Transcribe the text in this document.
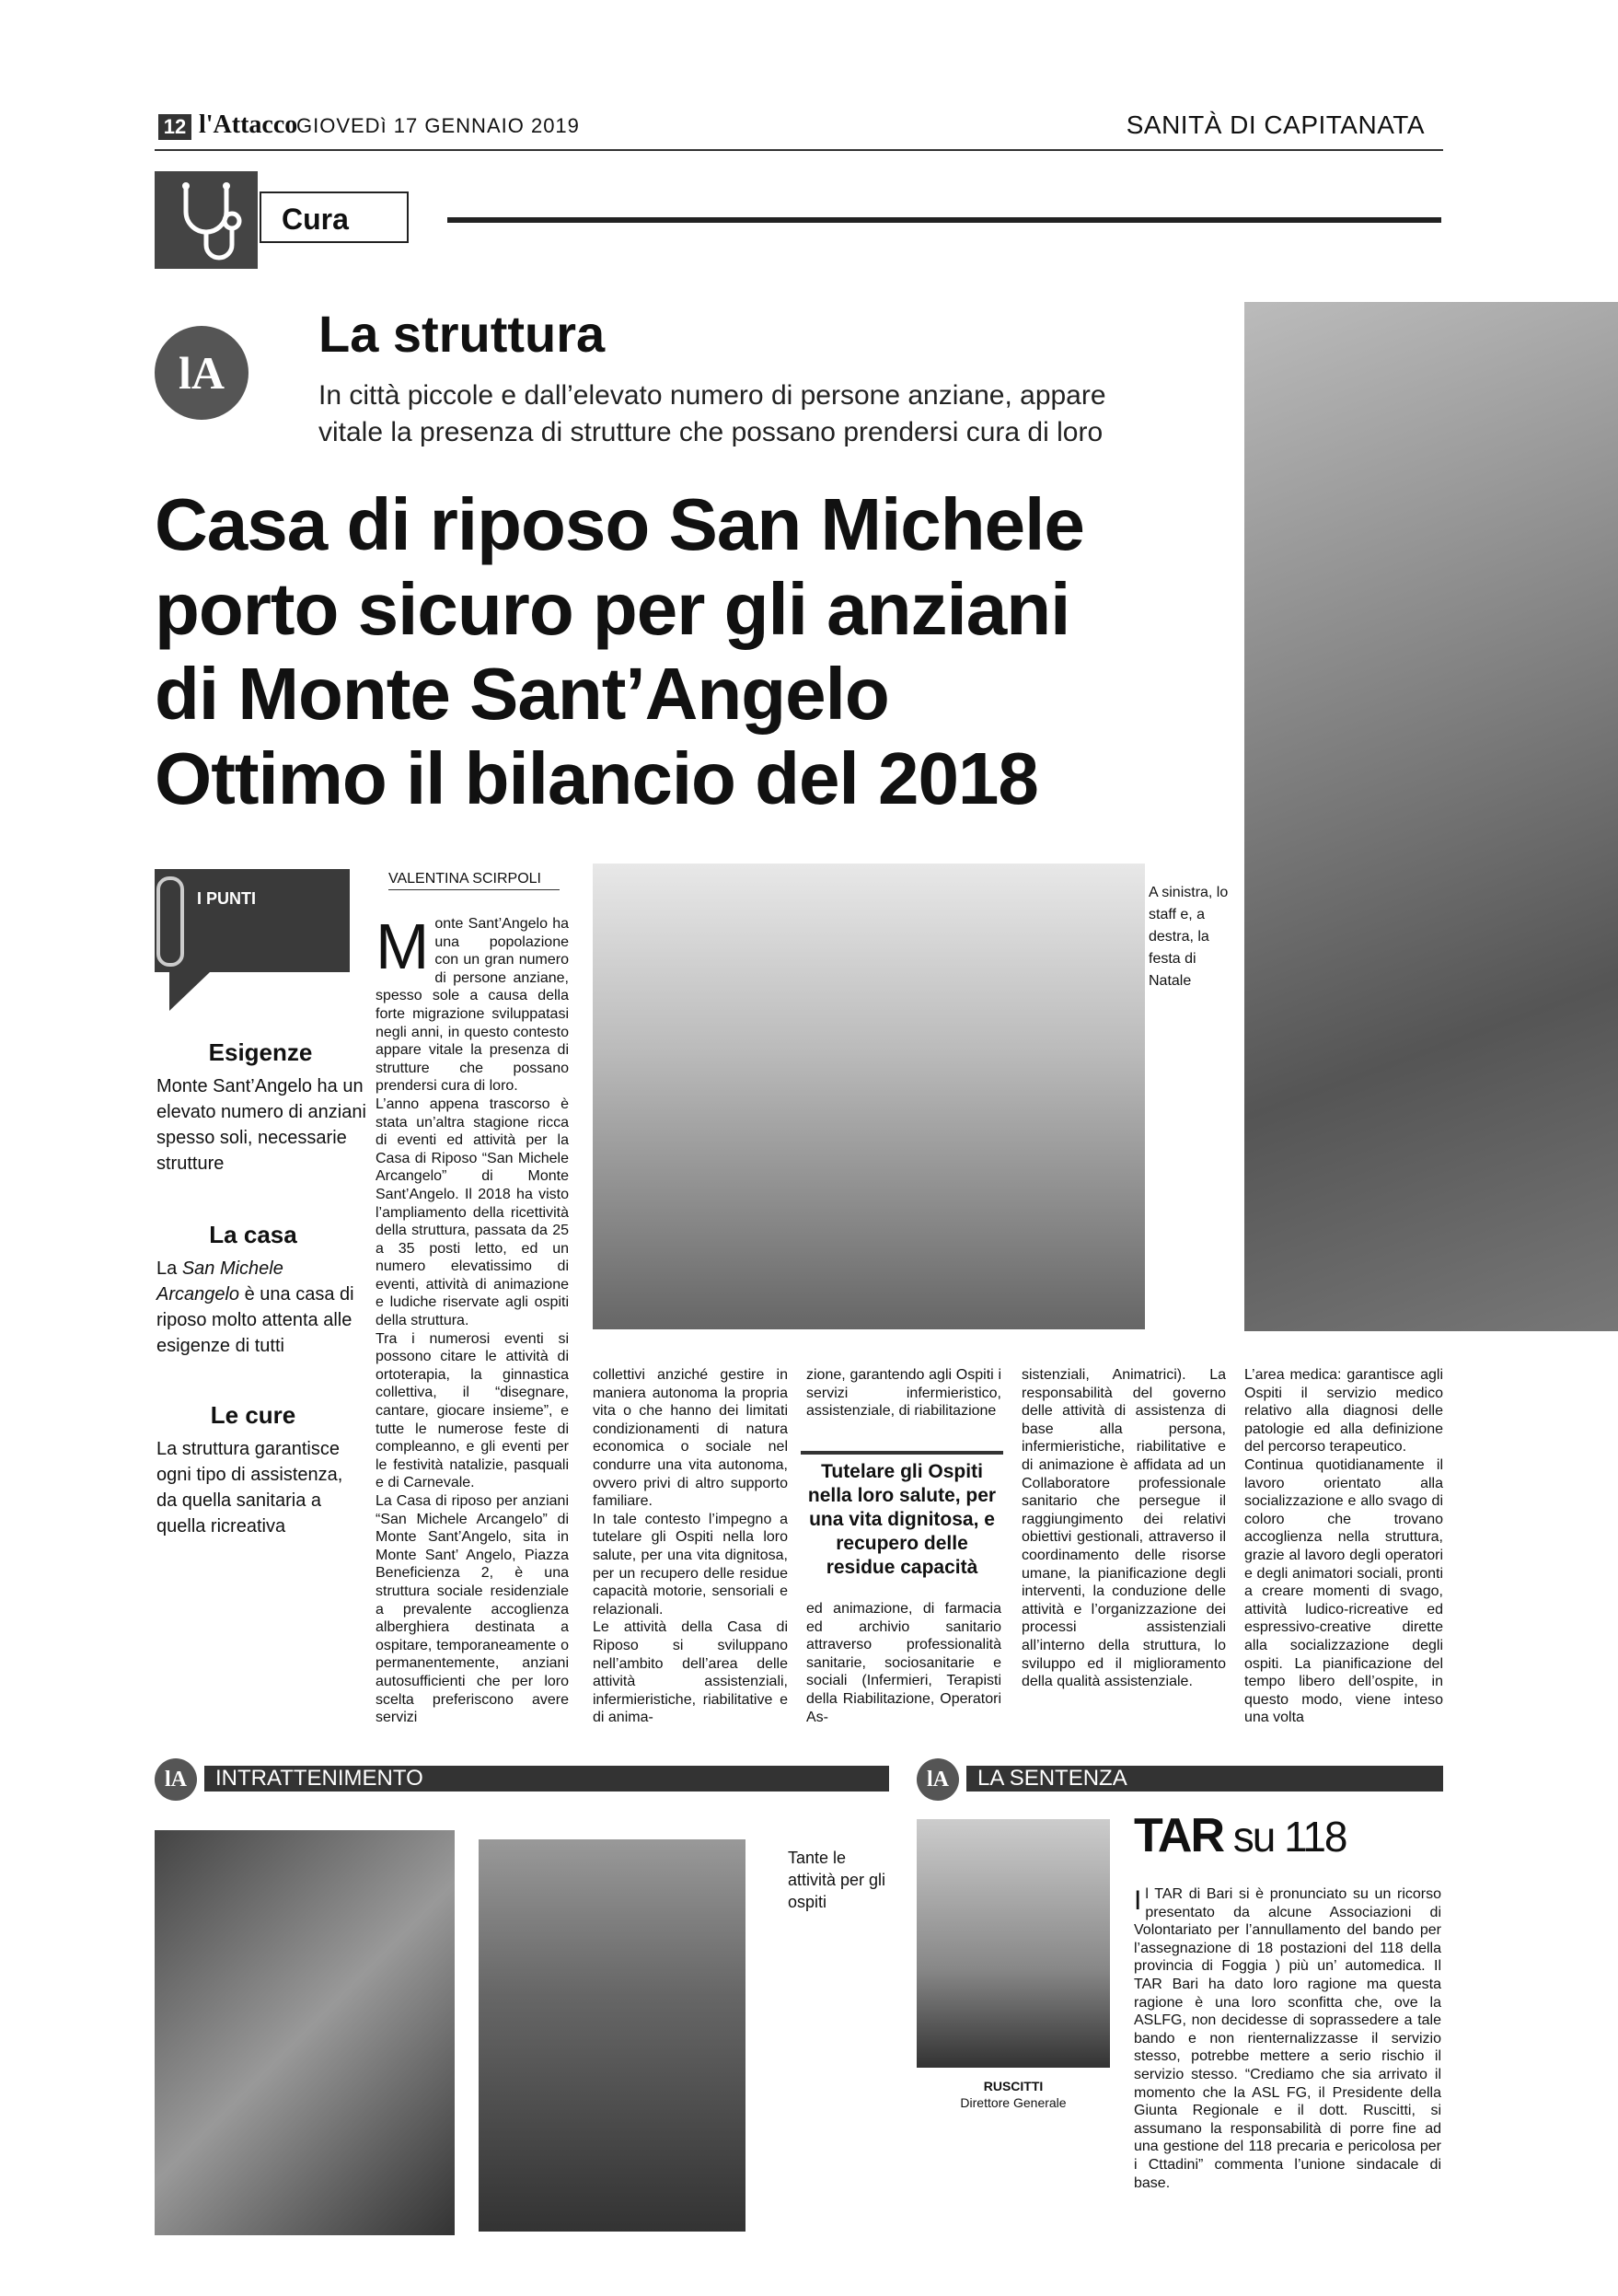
12 l'Attacco
GIOVEDì 17 GENNAIO 2019	SANITÀ DI CAPITANATA
Cura
lA
La struttura
In città piccole e dall’elevato numero di persone anziane, appare vitale la presenza di strutture che possano prendersi cura di loro
Casa di riposo San Michele
porto sicuro per gli anziani
di Monte Sant’Angelo
Ottimo il bilancio del 2018
A sinistra, lo staff e, a destra, la festa di Natale
I PUNTI
Esigenze
Monte Sant’Angelo ha un elevato numero di anziani spesso soli, necessarie strutture
La casa
La San Michele Arcangelo è una casa di riposo molto attenta alle esigenze di tutti
Le cure
La struttura garantisce ogni tipo di assistenza, da quella sanitaria a quella ricreativa
VALENTINA SCIRPOLI
Monte Sant’Angelo ha una popolazione con un gran numero di persone anziane, spesso sole a causa della forte migrazione sviluppatasi negli anni, in questo contesto appare vitale la presenza di strutture che possano prendersi cura di loro.
L’anno appena trascorso è stata un’altra stagione ricca di eventi ed attività per la Casa di Riposo “San Michele Arcangelo” di Monte Sant’Angelo. Il 2018 ha visto l’ampliamento della ricettività della struttura, passata da 25 a 35 posti letto, ed un numero elevatissimo di eventi, attività di animazione e ludiche riservate agli ospiti della struttura.
Tra i numerosi eventi si possono citare le attività di ortoterapia, la ginnastica collettiva, il “disegnare, cantare, giocare insieme”, e tutte le numerose feste di compleanno, e gli eventi per le festività natalizie, pasquali e di Carnevale.
La Casa di riposo per anziani “San Michele Arcangelo” di Monte Sant’Angelo, sita in Monte Sant’ Angelo, Piazza Beneficienza 2, è una struttura sociale residenziale a prevalente accoglienza alberghiera destinata a ospitare, temporaneamente o permanentemente, anziani autosufficienti che per loro scelta preferiscono avere servizi
collettivi anziché gestire in maniera autonoma la propria vita o che hanno dei limitati condizionamenti di natura economica o sociale nel condurre una vita autonoma, ovvero privi di altro supporto familiare.
In tale contesto l’impegno a tutelare gli Ospiti nella loro salute, per una vita dignitosa, per un recupero delle residue capacità motorie, sensoriali e relazionali.
Le attività della Casa di Riposo si sviluppano nell’ambito dell’area delle attività assistenziali, infermieristiche, riabilitative e di anima-
zione, garantendo agli Ospiti i servizi infermieristico, assistenziale, di riabilitazione
Tutelare gli Ospiti nella loro salute, per una vita dignitosa, e recupero delle residue capacità
ed animazione, di farmacia ed archivio sanitario attraverso professionalità sanitarie, sociosanitarie e sociali (Infermieri, Terapisti della Riabilitazione, Operatori As-
sistenziali, Animatrici). La responsabilità del governo delle attività di assistenza di base alla persona, infermieristiche, riabilitative e di animazione è affidata ad un Collaboratore professionale sanitario che persegue il raggiungimento dei relativi obiettivi gestionali, attraverso il coordinamento delle risorse umane, la pianificazione degli interventi, la conduzione delle attività e l’organizzazione dei processi assistenziali all’interno della struttura, lo sviluppo ed il miglioramento della qualità assistenziale.
L’area medica: garantisce agli Ospiti il servizio medico relativo alla diagnosi delle patologie ed alla definizione del percorso terapeutico.
Continua quotidianamente il lavoro orientato alla socializzazione e allo svago di coloro che trovano accoglienza nella struttura, grazie al lavoro degli operatori e degli animatori sociali, pronti a creare momenti di svago, attività ludico-ricreative ed espressivo-creative dirette alla socializzazione degli ospiti. La pianificazione del tempo libero dell’ospite, in questo modo, viene inteso una volta
lA	INTRATTENIMENTO
Tante le attività per gli ospiti
lA	LA SENTENZA
RUSCITTI
Direttore Generale
TAR su 118
Il TAR di Bari si è pronunciato su un ricorso presentato da alcune Associazioni di Volontariato per l’annullamento del bando per l’assegnazione di 18 postazioni del 118 della provincia di Foggia ) più un’ automedica. Il TAR Bari ha dato loro ragione ma questa ragione è una loro sconfitta che, ove la ASLFG, non decidesse di soprassedere a tale bando e non rienternalizzasse il servizio stesso, potrebbe mettere a serio rischio il servizio stesso. “Crediamo che sia arrivato il momento che la ASL FG, il Presidente della Giunta Regionale e il dott. Ruscitti, si assumano la responsabilità di porre fine ad una gestione del 118 precaria e pericolosa per i Cttadini” commenta l’unione sindacale di base.
